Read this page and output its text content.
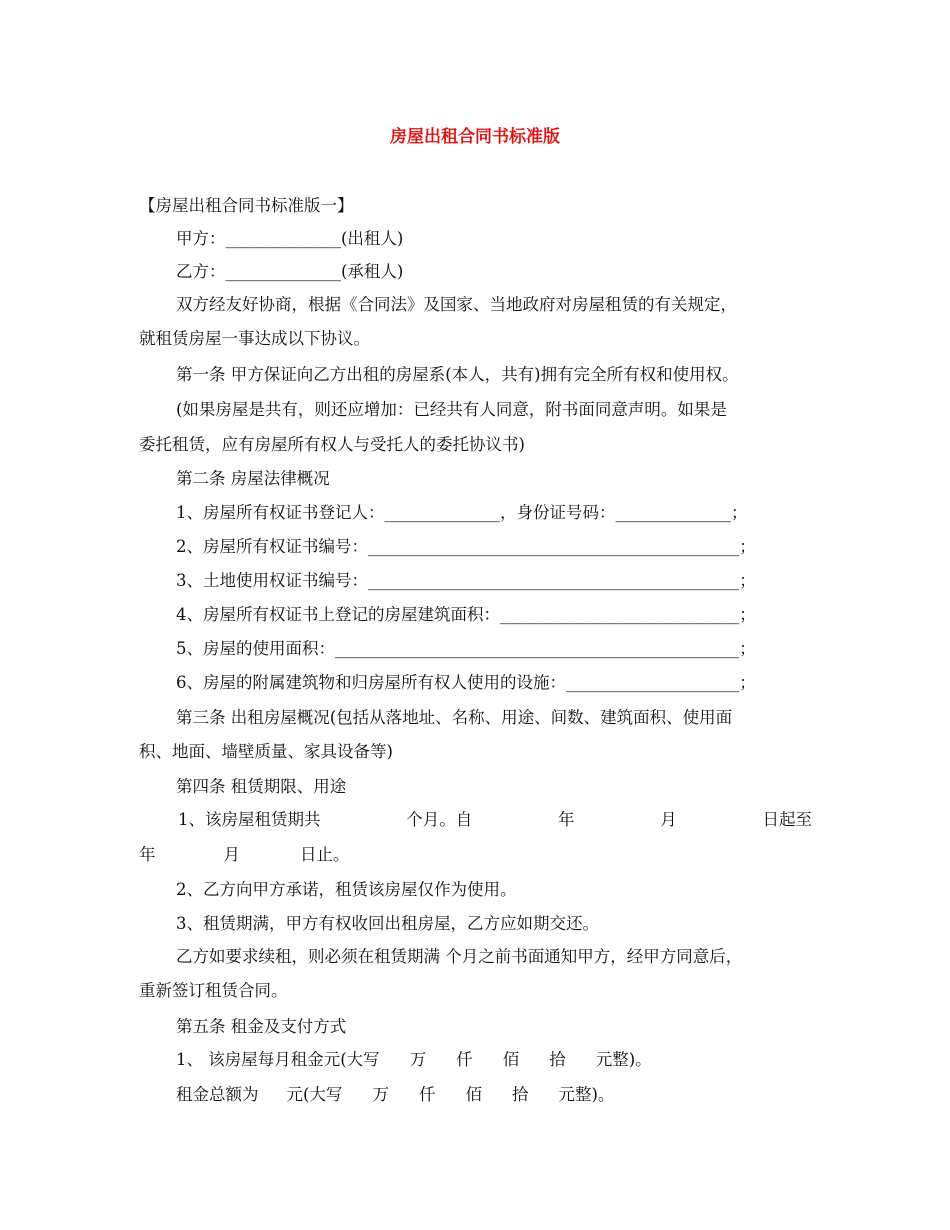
房屋出租合同书标准版
【房屋出租合同书标准版一】
甲方：______________(出租人)
乙方：______________(承租人)
双方经友好协商，根据《合同法》及国家、当地政府对房屋租赁的有关规定，
就租赁房屋一事达成以下协议。
第一条 甲方保证向乙方出租的房屋系(本人，共有)拥有完全所有权和使用权。
(如果房屋是共有，则还应增加：已经共有人同意，附书面同意声明。如果是
委托租赁，应有房屋所有权人与受托人的委托协议书)
第二条 房屋法律概况
1、房屋所有权证书登记人：______________，身份证号码：______________；
2、房屋所有权证书编号：_____________________________________________；
3、土地使用权证书编号：_____________________________________________；
4、房屋所有权证书上登记的房屋建筑面积：_____________________________；
5、房屋的使用面积：_________________________________________________；
6、房屋的附属建筑物和归房屋所有权人使用的设施：_____________________；
第三条 出租房屋概况(包括从落地址、名称、用途、间数、建筑面积、使用面
积、地面、墙壁质量、家具设备等)
第四条 租赁期限、用途
1、该房屋租赁期共	个月。自	年	月	日起至
年	月	日止。
2、乙方向甲方承诺，租赁该房屋仅作为使用。
3、租赁期满，甲方有权收回出租房屋，乙方应如期交还。
乙方如要求续租，则必须在租赁期满 个月之前书面通知甲方，经甲方同意后，
重新签订租赁合同。
第五条 租金及支付方式
1、 该房屋每月租金元(大写 万 仟 佰 拾 元整)。
租金总额为 元(大写 万 仟 佰 拾 元整)。
